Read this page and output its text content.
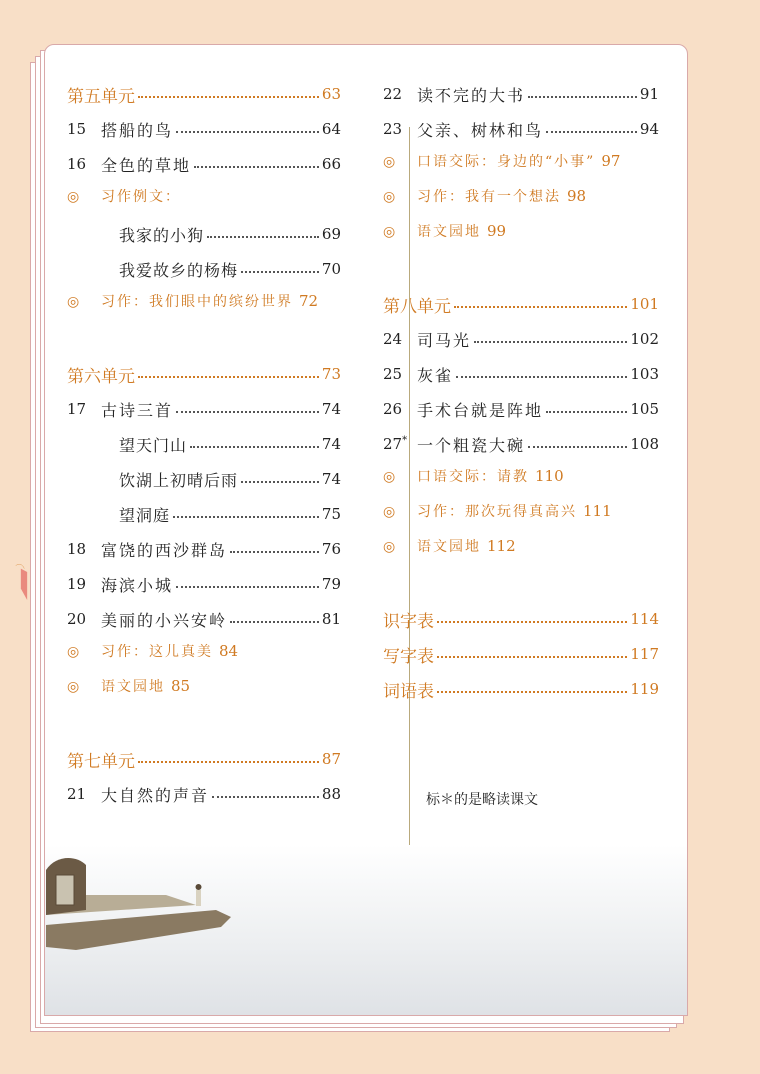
第五单元	63
15 搭船的鸟	64
16 全色的草地	66
◎ 习作例文：
我家的小狗	69
我爱故乡的杨梅	70
◎ 习作：我们眼中的缤纷世界 72
第六单元	73
17 古诗三首	74
望天门山	74
饮湖上初晴后雨	74
望洞庭	75
18 富饶的西沙群岛	76
19 海滨小城	79
20 美丽的小兴安岭	81
◎ 习作：这儿真美 84
◎ 语文园地 85
第七单元	87
21 大自然的声音	88
22 读不完的大书	91
23 父亲、树林和鸟	94
◎ 口语交际：身边的“小事” 97
◎ 习作：我有一个想法 98
◎ 语文园地 99
第八单元	101
24 司马光	102
25 灰雀	103
26 手术台就是阵地	105
27* 一个粗瓷大碗	108
◎ 口语交际：请教 110
◎ 习作：那次玩得真高兴 111
◎ 语文园地 112
识字表	114
写字表	117
词语表	119
标＊的是略读课文
